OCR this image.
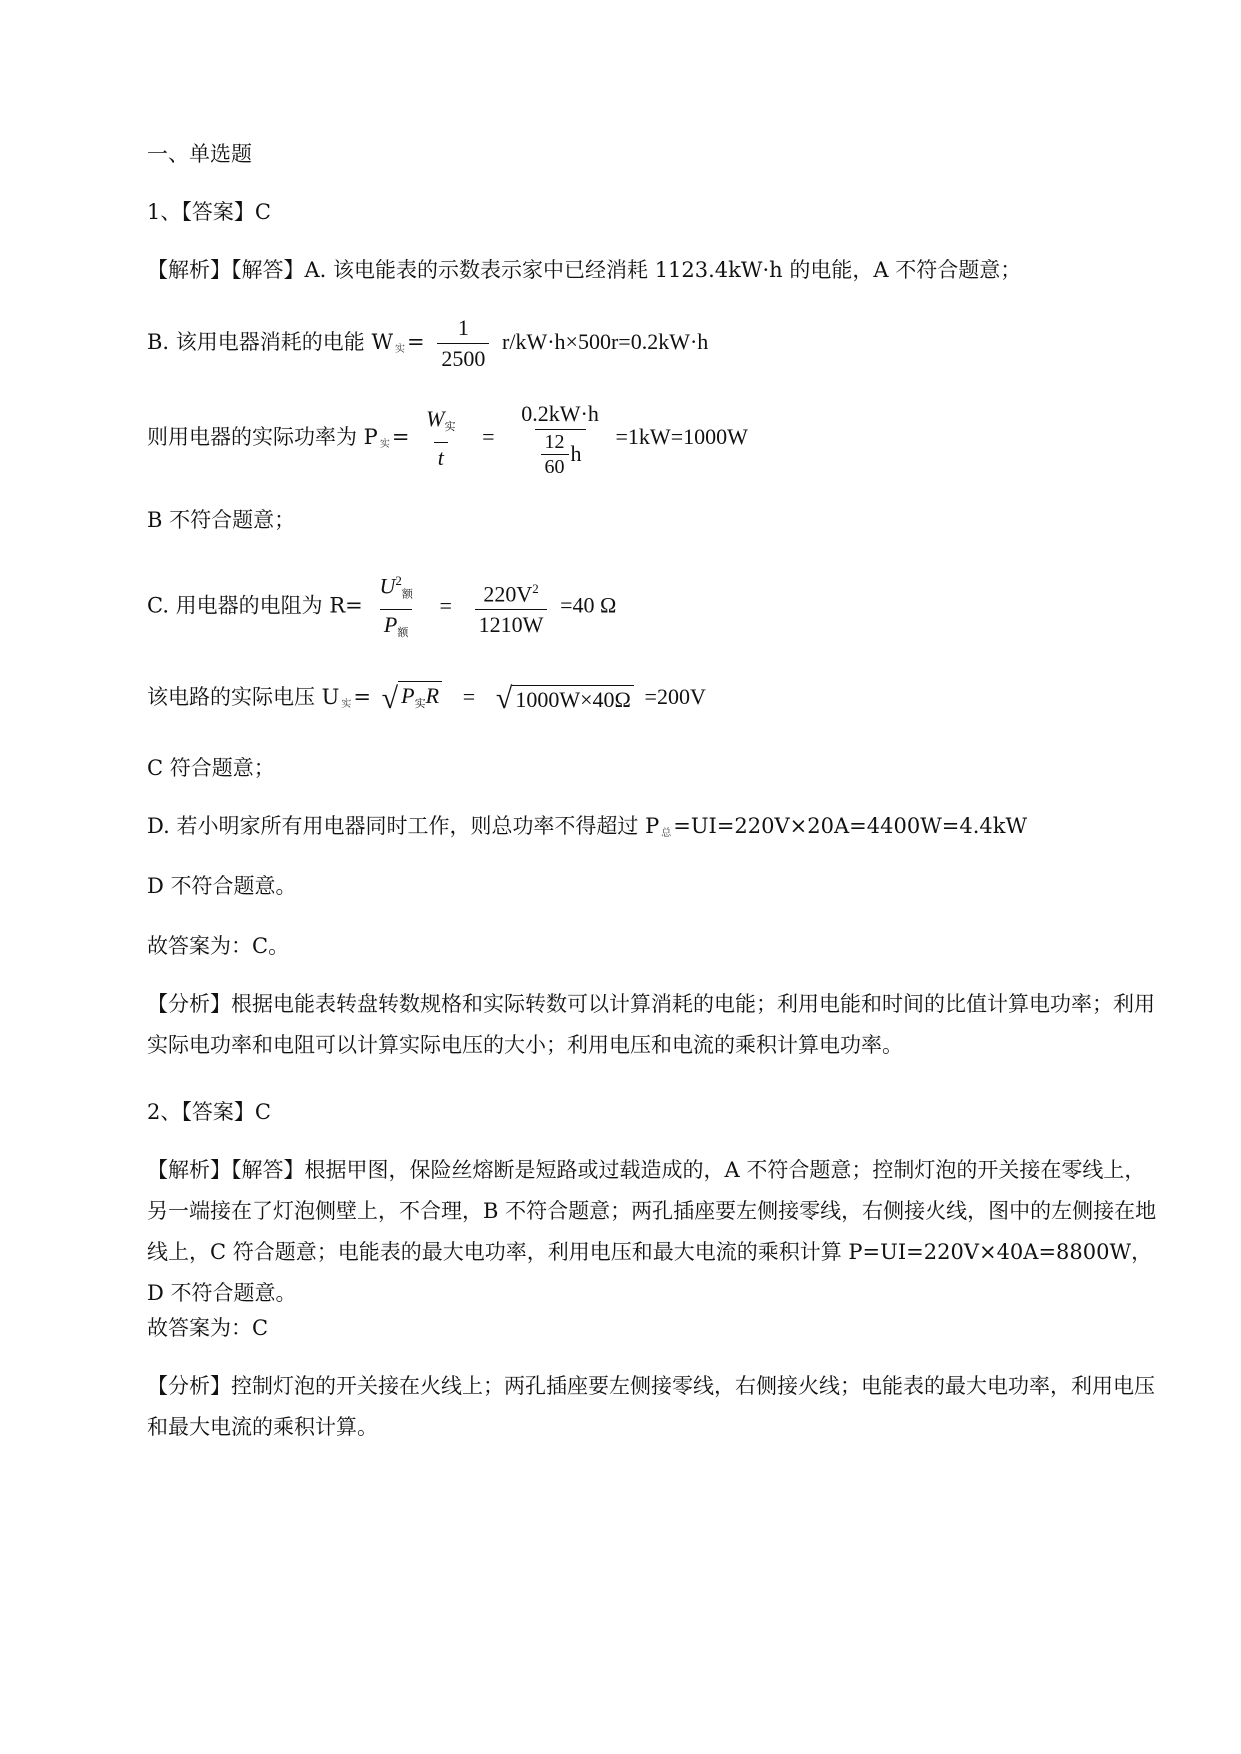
一、单选题
1、【答案】C
【解析】【解答】A. 该电能表的示数表示家中已经消耗 1123.4kW·h 的电能，A 不符合题意；
B. 该用电器消耗的电能 W $_实= \frac{1}{2500} r/kW\cdot h\times 500r=0.2kW\cdot h$
则用电器的实际功率为 P $_实= \frac{\text{W实}}{t} = \frac{0.2kW\cdot h}{\frac{12}{60} h} =1kW=1000W$
B 不符合题意；
C. 用电器的电阻为 $R= \frac{U^2额}{\text{P额}} = \frac{220V^2}{1210W} =40$ Ω
该电路的实际电压 U $_实$= √ P实R = √ 1000W×40Ω =200V
C 符合题意；
D. 若小明家所有用电器同时工作，则总功率不得超过 P $_总$=UI=220V×20A=4400W=4.4kW
D 不符合题意。
故答案为：C。
【分析】根据电能表转盘转数规格和实际转数可以计算消耗的电能；利用电能和时间的比值计算电功率；利用实际电功率和电阻可以计算实际电压的大小；利用电压和电流的乘积计算电功率。
2、【答案】C
【解析】【解答】根据甲图，保险丝熔断是短路或过载造成的，A 不符合题意；控制灯泡的开关接在零线上，另一端接在了灯泡侧壁上，不合理，B 不符合题意；两孔插座要左侧接零线，右侧接火线，图中的左侧接在地线上，C 符合题意；电能表的最大电功率，利用电压和最大电流的乘积计算 P=UI=220V×40A=8800W，D 不符合题意。
故答案为：C
【分析】控制灯泡的开关接在火线上；两孔插座要左侧接零线，右侧接火线；电能表的最大电功率，利用电压和最大电流的乘积计算。
